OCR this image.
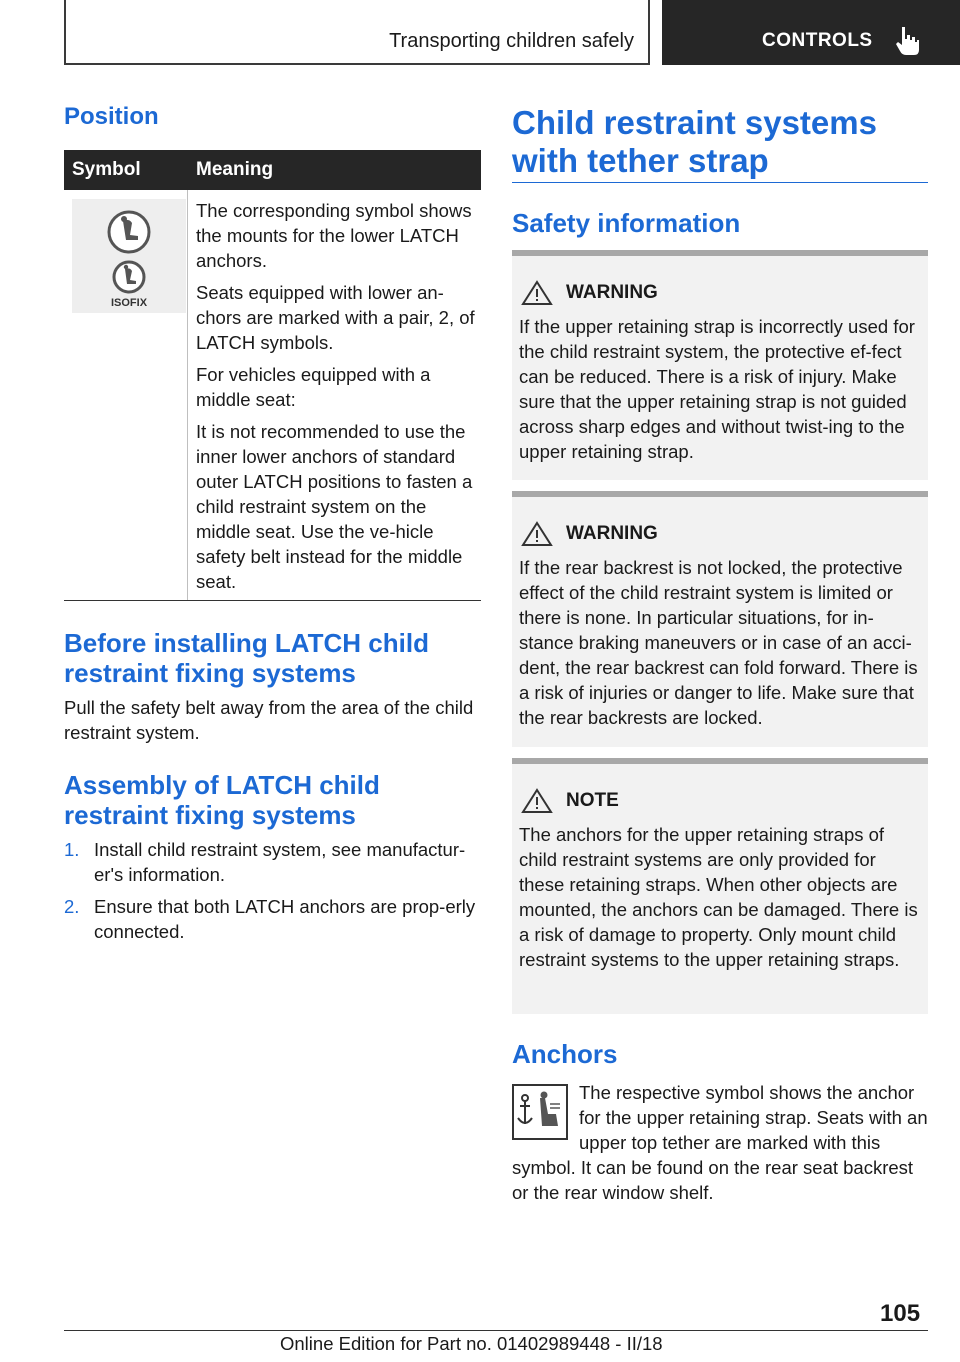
Transporting children safely	CONTROLS
Position
Symbol	Meaning
ISOFIX

The corresponding symbol shows the mounts for the lower LATCH anchors.

Seats equipped with lower an-chors are marked with a pair, 2, of LATCH symbols.

For vehicles equipped with a middle seat:

It is not recommended to use the inner lower anchors of standard outer LATCH positions to fasten a child restraint system on the middle seat. Use the ve-hicle safety belt instead for the middle seat.

Before installing LATCH child restraint fixing systems
Pull the safety belt away from the area of the child restraint system.
Assembly of LATCH child restraint fixing systems
1. Install child restraint system, see manufactur-er's information.
2. Ensure that both LATCH anchors are prop-erly connected.
Child restraint systems with tether strap
Safety information
WARNING
If the upper retaining strap is incorrectly used for the child restraint system, the protective ef-fect can be reduced. There is a risk of injury. Make sure that the upper retaining strap is not guided across sharp edges and without twist-ing to the upper retaining strap.
WARNING
If the rear backrest is not locked, the protective effect of the child restraint system is limited or there is none. In particular situations, for in-stance braking maneuvers or in case of an acci-dent, the rear backrest can fold forward. There is a risk of injuries or danger to life. Make sure that the rear backrests are locked.
NOTE
The anchors for the upper retaining straps of child restraint systems are only provided for these retaining straps. When other objects are mounted, the anchors can be damaged. There is a risk of damage to property. Only mount child restraint systems to the upper retaining straps.
Anchors
The respective symbol shows the anchor for the upper retaining strap. Seats with an upper top tether are marked with this symbol. It can be found on the rear seat backrest or the rear window shelf.
105
Online Edition for Part no. 01402989448 - II/18
